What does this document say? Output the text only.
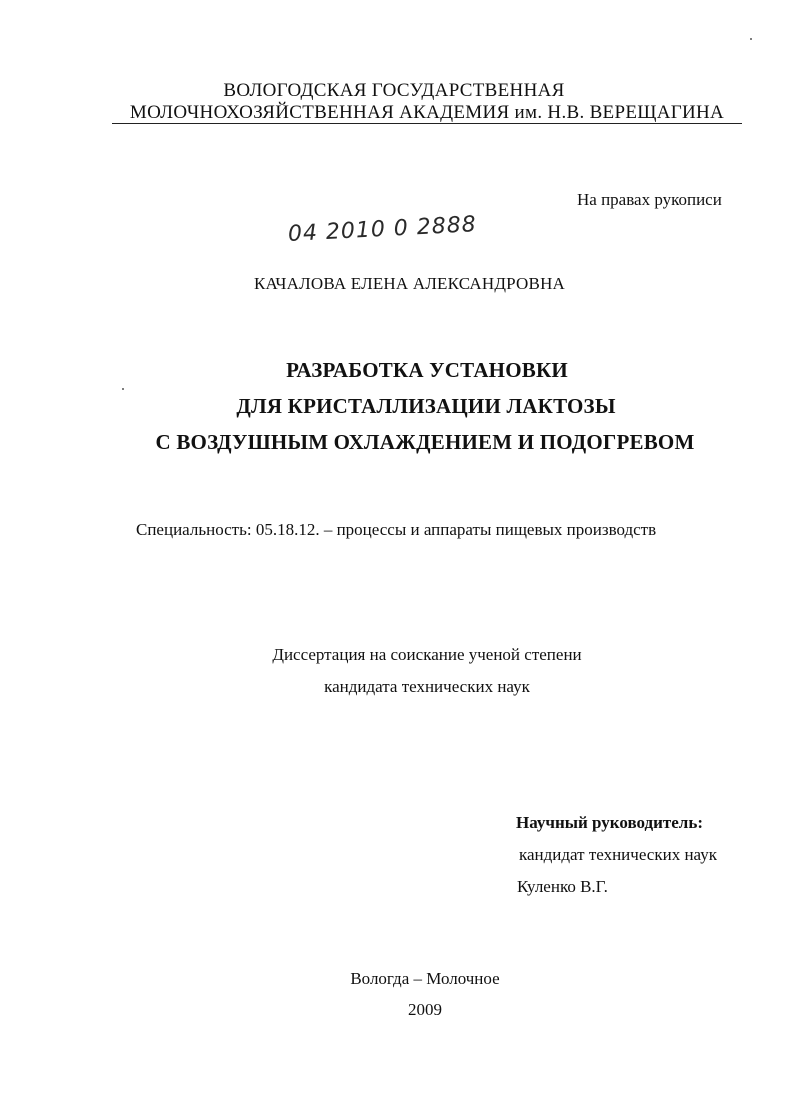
ВОЛОГОДСКАЯ ГОСУДАРСТВЕННАЯ
МОЛОЧНОХОЗЯЙСТВЕННАЯ АКАДЕМИЯ им. Н.В. ВЕРЕЩАГИНА
На правах рукописи
04 2010 0 2888
КАЧАЛОВА ЕЛЕНА АЛЕКСАНДРОВНА
РАЗРАБОТКА УСТАНОВКИ
ДЛЯ КРИСТАЛЛИЗАЦИИ ЛАКТОЗЫ
С ВОЗДУШНЫМ ОХЛАЖДЕНИЕМ И ПОДОГРЕВОМ
Специальность: 05.18.12. – процессы и аппараты пищевых производств
Диссертация на соискание ученой степени
кандидата технических наук
Научный руководитель:
кандидат технических наук
Куленко В.Г.
Вологда – Молочное
2009
